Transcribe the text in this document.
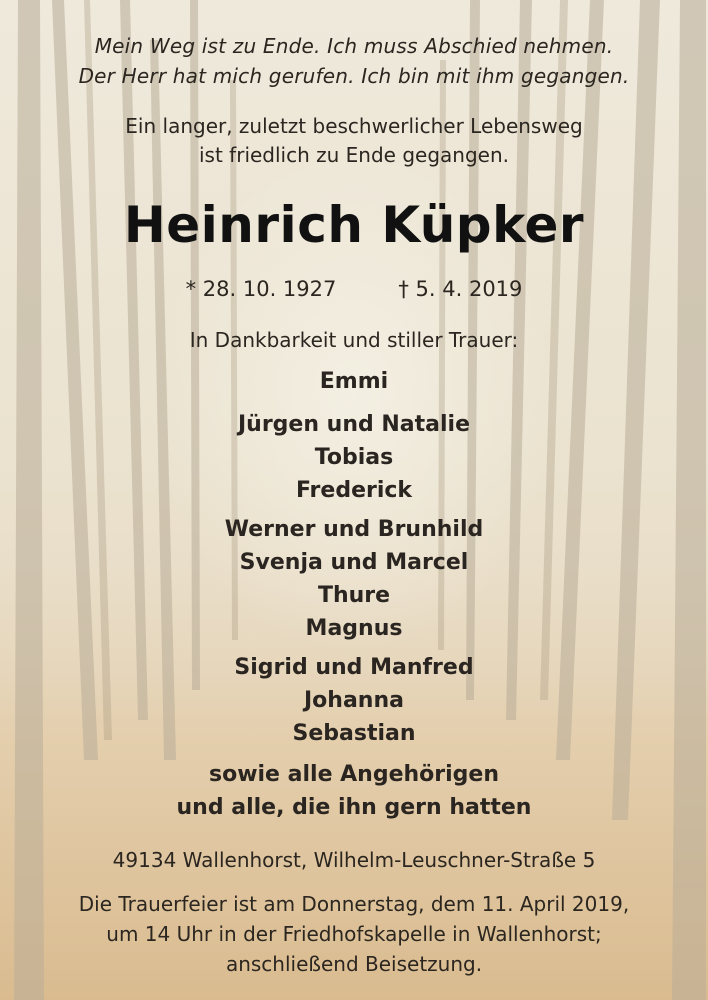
Mein Weg ist zu Ende. Ich muss Abschied nehmen.
Der Herr hat mich gerufen. Ich bin mit ihm gegangen.
Ein langer, zuletzt beschwerlicher Lebensweg
ist friedlich zu Ende gegangen.
Heinrich Küpker
* 28. 10. 1927	† 5. 4. 2019
In Dankbarkeit und stiller Trauer:
Emmi
Jürgen und Natalie
Tobias
Frederick
Werner und Brunhild
Svenja und Marcel
Thure
Magnus
Sigrid und Manfred
Johanna
Sebastian
sowie alle Angehörigen
und alle, die ihn gern hatten
49134 Wallenhorst, Wilhelm-Leuschner-Straße 5
Die Trauerfeier ist am Donnerstag, dem 11. April 2019,
um 14 Uhr in der Friedhofskapelle in Wallenhorst;
anschließend Beisetzung.
